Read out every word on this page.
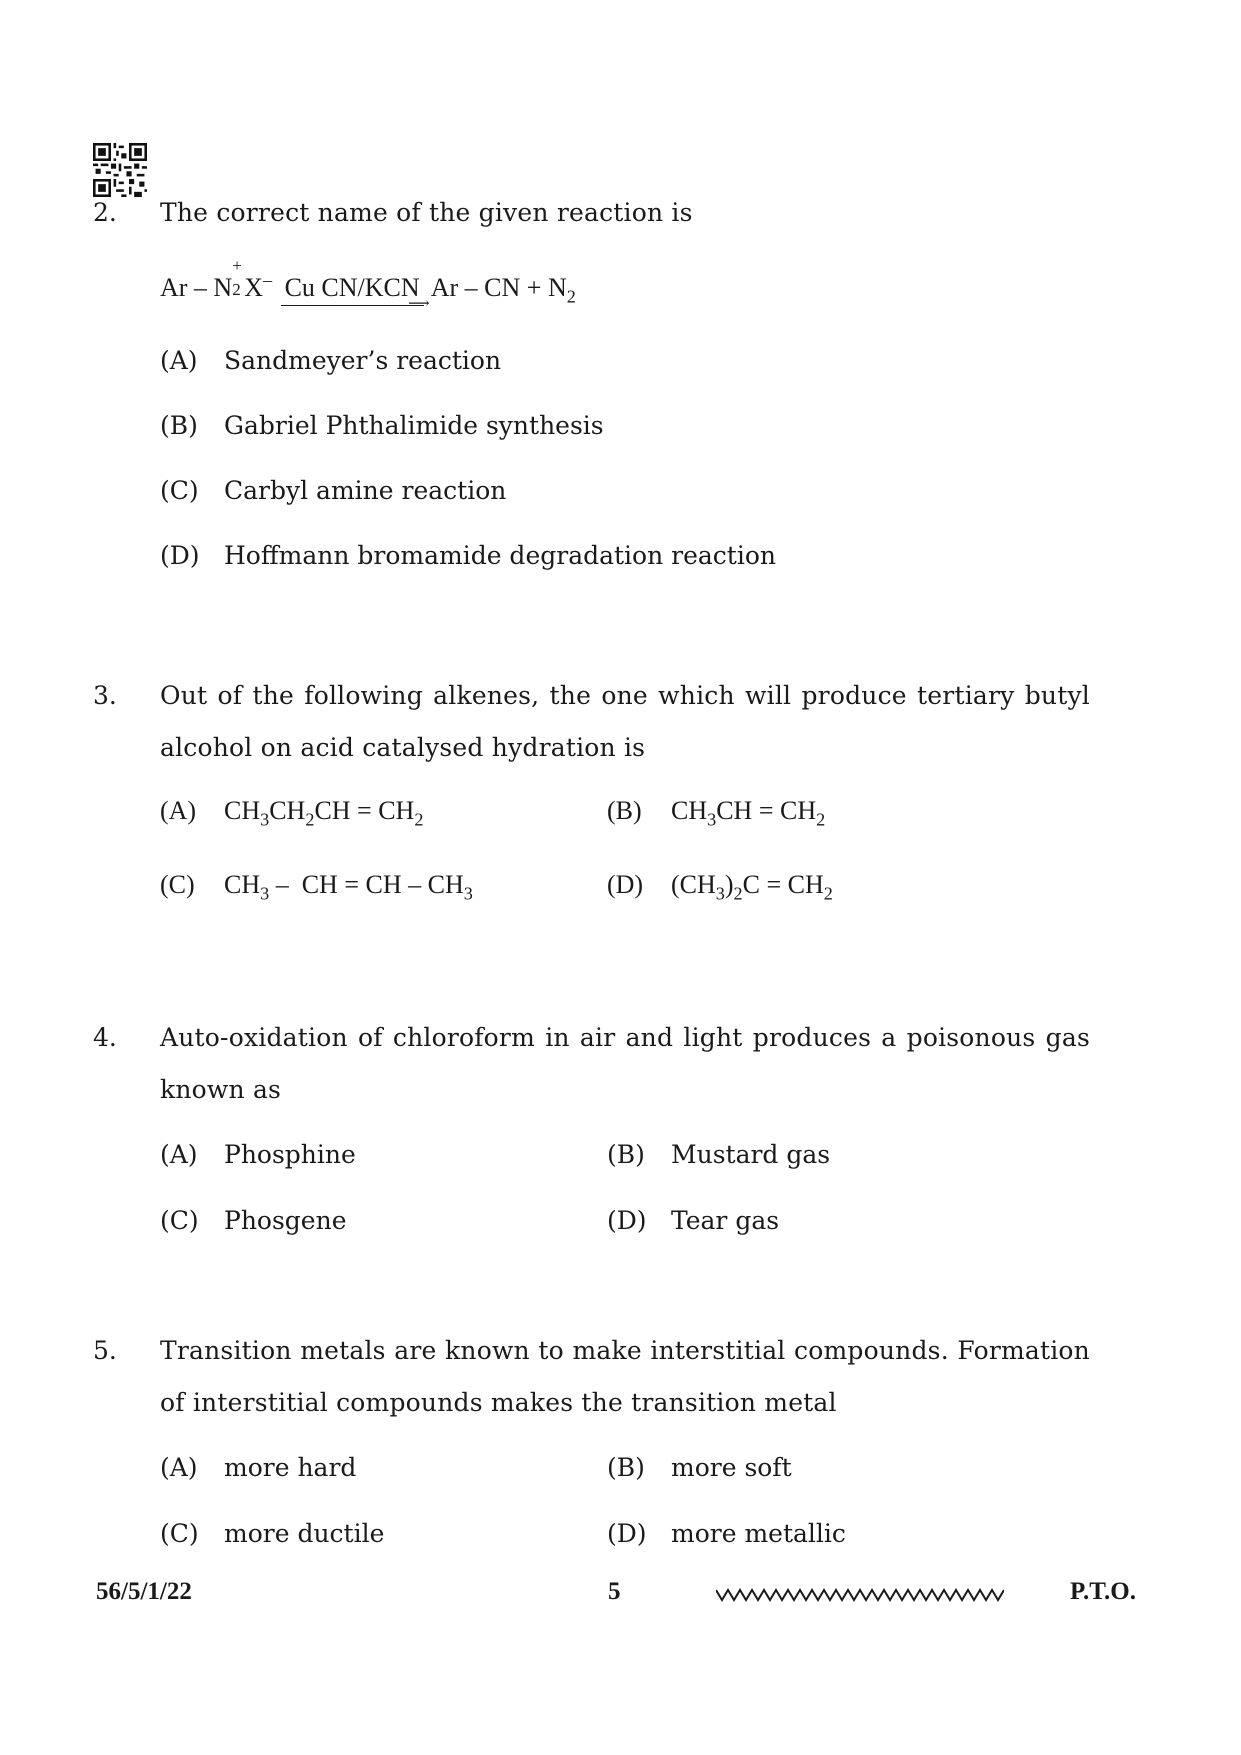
2. The correct name of the given reaction is
Ar – N
+
2 X– Cu CN/KCN
⟶
Ar – CN + $N_2$
(A) Sandmeyer’s reaction
(B) Gabriel Phthalimide synthesis
(C) Carbyl amine reaction
(D) Hoffmann bromamide degradation reaction
3. Out of the following alkenes, the one which will produce tertiary butyl
alcohol on acid catalysed hydration is
(A) $CH_3CH_2CH = CH_2$	(B) $CH_3CH = CH_2$
(C) $CH_3$ –  CH = CH – $CH_3$	(D) $(CH_3)_2C = CH_2$
4. Auto-oxidation of chloroform in air and light produces a poisonous gas
known as
(A) Phosphine	(B) Mustard gas
(C) Phosgene	(D) Tear gas
5. Transition metals are known to make interstitial compounds. Formation
of interstitial compounds makes the transition metal
(A) more hard	(B) more soft
(C) more ductile	(D) more metallic
56/5/1/22	5	P.T.O.
